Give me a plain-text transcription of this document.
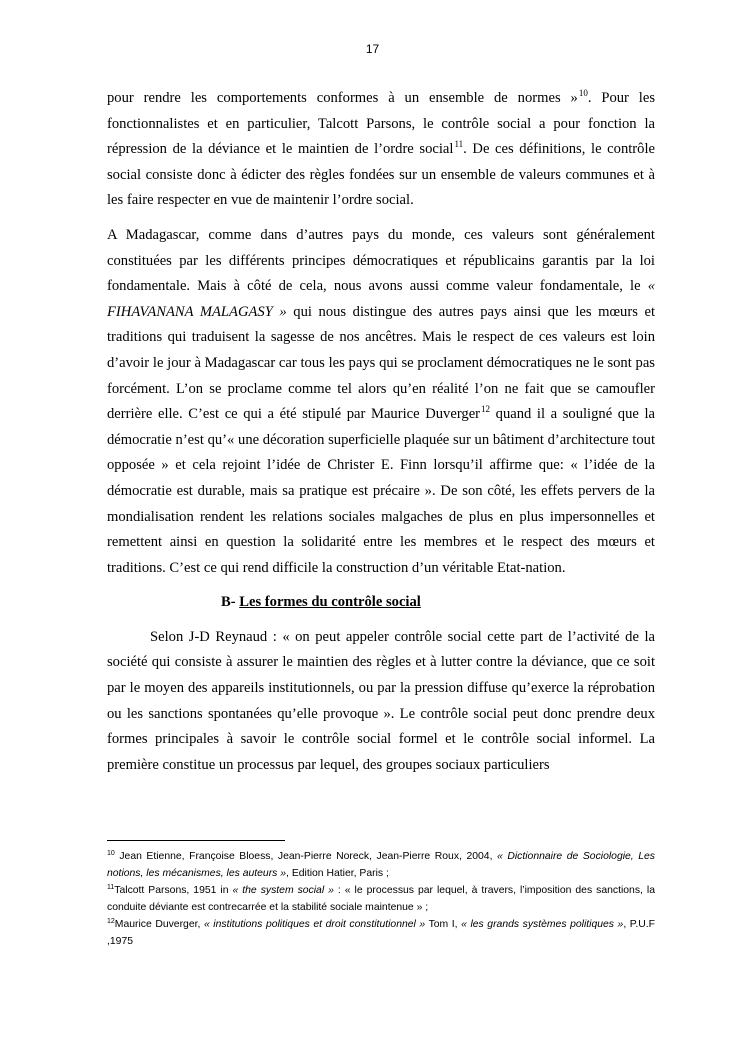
17

pour rendre les comportements conformes à un ensemble de normes »$^{10}$. Pour les fonctionnalistes et en particulier, Talcott Parsons, le contrôle social a pour fonction la répression de la déviance et le maintien de l’ordre social$^{11}$. De ces définitions, le contrôle social consiste donc à édicter des règles fondées sur un ensemble de valeurs communes et à les faire respecter en vue de maintenir l’ordre social.

A Madagascar, comme dans d’autres pays du monde, ces valeurs sont généralement constituées par les différents principes démocratiques et républicains garantis par la loi fondamentale. Mais à côté de cela, nous avons aussi comme valeur fondamentale, le « FIHAVANANA MALAGASY » qui nous distingue des autres pays ainsi que les mœurs et traditions qui traduisent la sagesse de nos ancêtres. Mais le respect de ces valeurs est loin d’avoir le jour à Madagascar car tous les pays qui se proclament démocratiques ne le sont pas forcément. L’on se proclame comme tel alors qu’en réalité l’on ne fait que se camoufler derrière elle. C’est ce qui a été stipulé par Maurice Duverger$^{12}$ quand il a souligné que la démocratie n’est qu’« une décoration superficielle plaquée sur un bâtiment d’architecture tout opposée » et cela rejoint l’idée de Christer E. Finn lorsqu’il affirme que: « l’idée de la démocratie est durable, mais sa pratique est précaire ». De son côté, les effets pervers de la mondialisation rendent les relations sociales malgaches de plus en plus impersonnelles et remettent ainsi en question la solidarité entre les membres et le respect des mœurs et traditions. C’est ce qui rend difficile la construction d’un véritable Etat-nation.

B- Les formes du contrôle social

Selon J-D Reynaud : « on peut appeler contrôle social cette part de l’activité de la société qui consiste à assurer le maintien des règles et à lutter contre la déviance, que ce soit par le moyen des appareils institutionnels, ou par la pression diffuse qu’exerce la réprobation ou les sanctions spontanées qu’elle provoque ». Le contrôle social peut donc prendre deux formes principales à savoir le contrôle social formel et le contrôle social informel. La première constitue un processus par lequel, des groupes sociaux particuliers

$^{10}$ Jean Etienne, Françoise Bloess, Jean-Pierre Noreck, Jean-Pierre Roux, 2004, « Dictionnaire de Sociologie, Les notions, les mécanismes, les auteurs », Edition Hatier, Paris ;

$^{11}$Talcott Parsons, 1951 in « the system social » : « le processus par lequel, à travers, l’imposition des sanctions, la conduite déviante est contrecarrée et la stabilité sociale maintenue » ;

$^{12}$Maurice Duverger, « institutions politiques et droit constitutionnel » Tom I, « les grands systèmes politiques », P.U.F ,1975
